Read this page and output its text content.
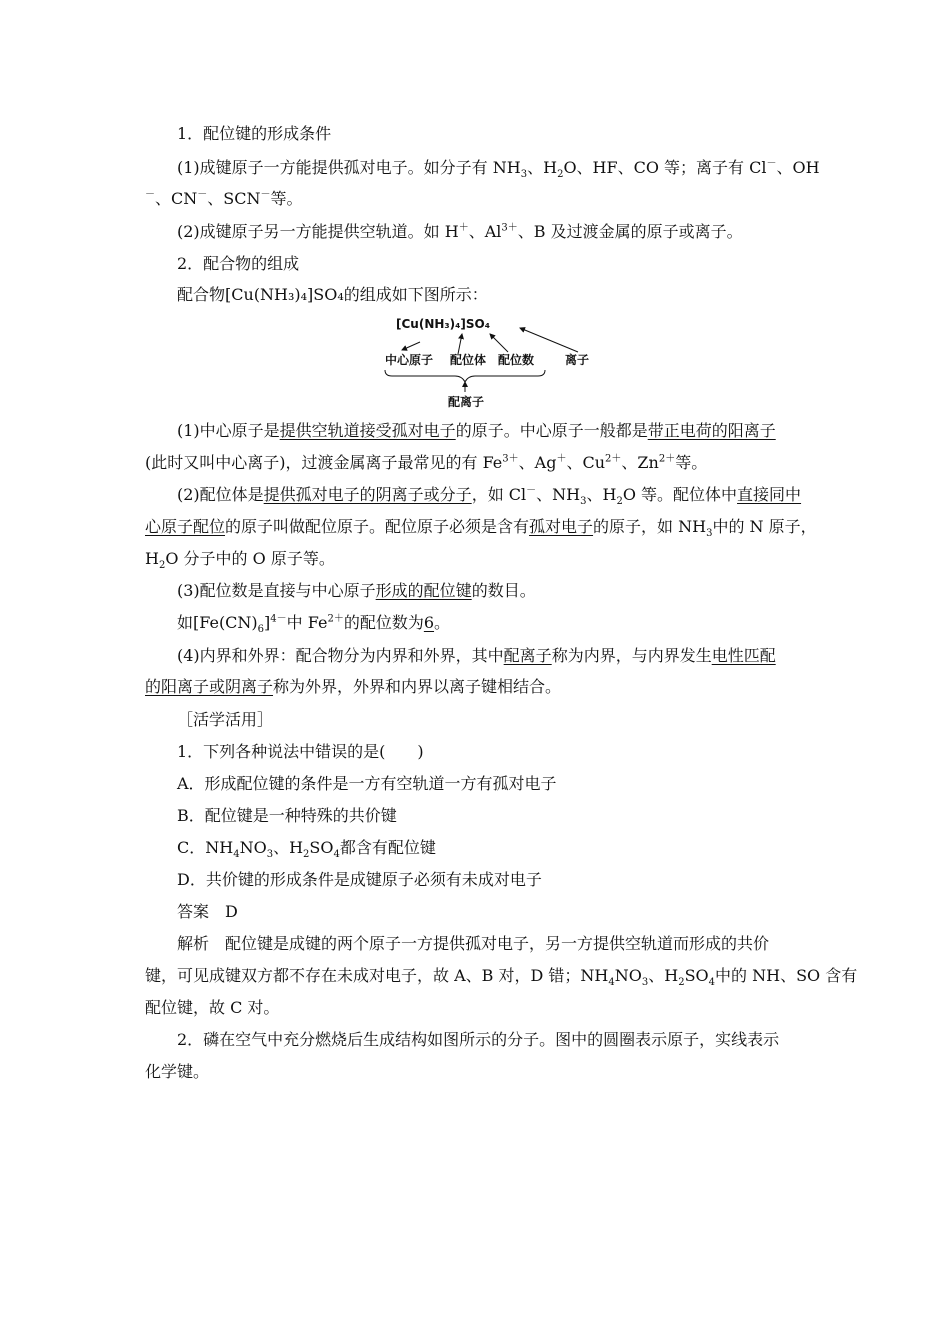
1．配位键的形成条件
(1)成键原子一方能提供孤对电子。如分子有 $NH_3$、$H_2O$、HF、CO 等；离子有 Cl－、OH
－、CN－、SCN－等。
(2)成键原子另一方能提供空轨道。如 H＋、$Al^{3+}$、B 及过渡金属的原子或离子。
2．配合物的组成
配合物[Cu(NH₃)₄]SO₄的组成如下图所示：
[Cu(NH₃)₄]SO₄
中心原子 配位体 配位数	离子
配离子
(1)中心原子是提供空轨道接受孤对电子的原子。中心原子一般都是带正电荷的阳离子
(此时又叫中心离子)，过渡金属离子最常见的有 $Fe^{3+}$、Ag＋、$Cu^{2+}$、$Zn^{2+}$等。
(2)配位体是提供孤对电子的阴离子或分子，如 Cl－、$NH_3$、$H_2O$ 等。配位体中直接同中
心原子配位的原子叫做配位原子。配位原子必须是含有孤对电子的原子，如 $NH_3$中的 N 原子，
$H_2O$ 分子中的 O 原子等。
(3)配位数是直接与中心原子形成的配位键的数目。
如$[Fe(CN)_6]^{4-}$中 $Fe^{2+}$的配位数为6。
(4)内界和外界：配合物分为内界和外界，其中配离子称为内界，与内界发生电性匹配
的阳离子或阴离子称为外界，外界和内界以离子键相结合。
［活学活用］
1．下列各种说法中错误的是(　　)
A．形成配位键的条件是一方有空轨道一方有孤对电子
B．配位键是一种特殊的共价键
C．$NH_4NO_3$、$H_2SO_4$都含有配位键
D．共价键的形成条件是成键原子必须有未成对电子
答案　D
解析　配位键是成键的两个原子一方提供孤对电子，另一方提供空轨道而形成的共价
键，可见成键双方都不存在未成对电子，故 A、B 对，D 错；$NH_4NO_3$、$H_2SO_4$中的 NH、SO 含有
配位键，故 C 对。
2．磷在空气中充分燃烧后生成结构如图所示的分子。图中的圆圈表示原子，实线表示
化学键。
